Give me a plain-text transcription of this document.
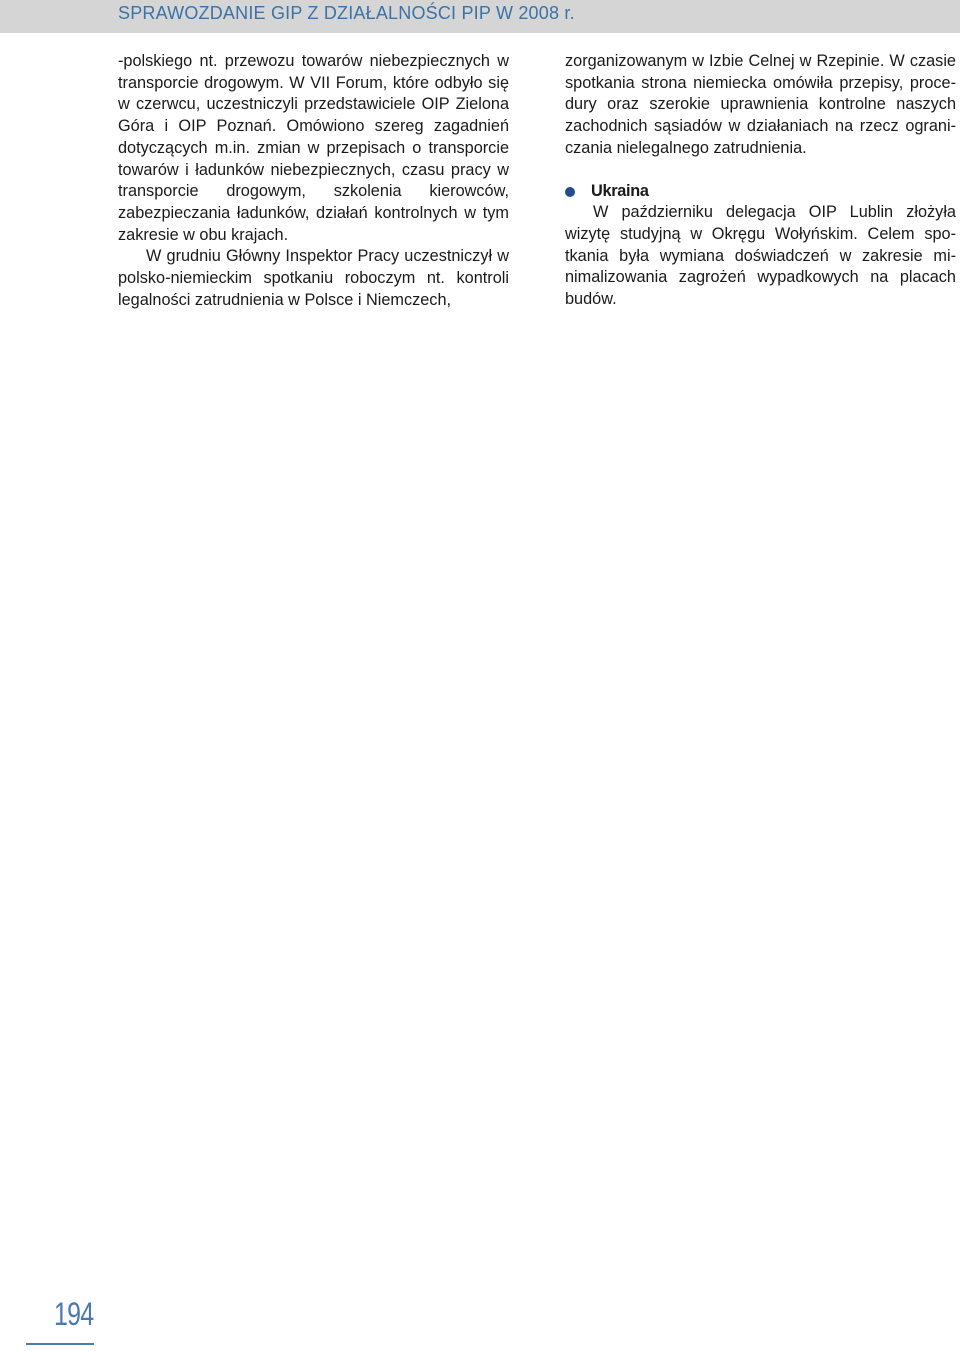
SPRAWOZDANIE GIP Z DZIAŁALNOŚCI PIP W 2008 r.

-polskiego nt. przewozu towarów niebezpiecznych w transporcie drogowym. W VII Forum, które odbyło się w czerwcu, uczestniczyli przedstawiciele OIP Zielona Góra i OIP Poznań. Omówiono szereg zagadnień dotyczących m.in. zmian w przepisach o transporcie towarów i ładunków niebezpiecznych, czasu pracy w transporcie drogowym, szkolenia kierowców, zabezpieczania ładunków, działań kontrolnych w tym zakresie w obu krajach.

W grudniu Główny Inspektor Pracy uczestniczył w polsko-niemieckim spotkaniu roboczym nt. kontroli legalności zatrudnienia w Polsce i Niemczech,

zorganizowanym w Izbie Celnej w Rzepinie. W czasie spotkania strona niemiecka omówiła przepisy, procedury oraz szerokie uprawnienia kontrolne naszych zachodnich sąsiadów w działaniach na rzecz ograniczania nielegalnego zatrudnienia.

Ukraina

W październiku delegacja OIP Lublin złożyła wizytę studyjną w Okręgu Wołyńskim. Celem spotkania była wymiana doświadczeń w zakresie minimalizowania zagrożeń wypadkowych na placach budów.

194
